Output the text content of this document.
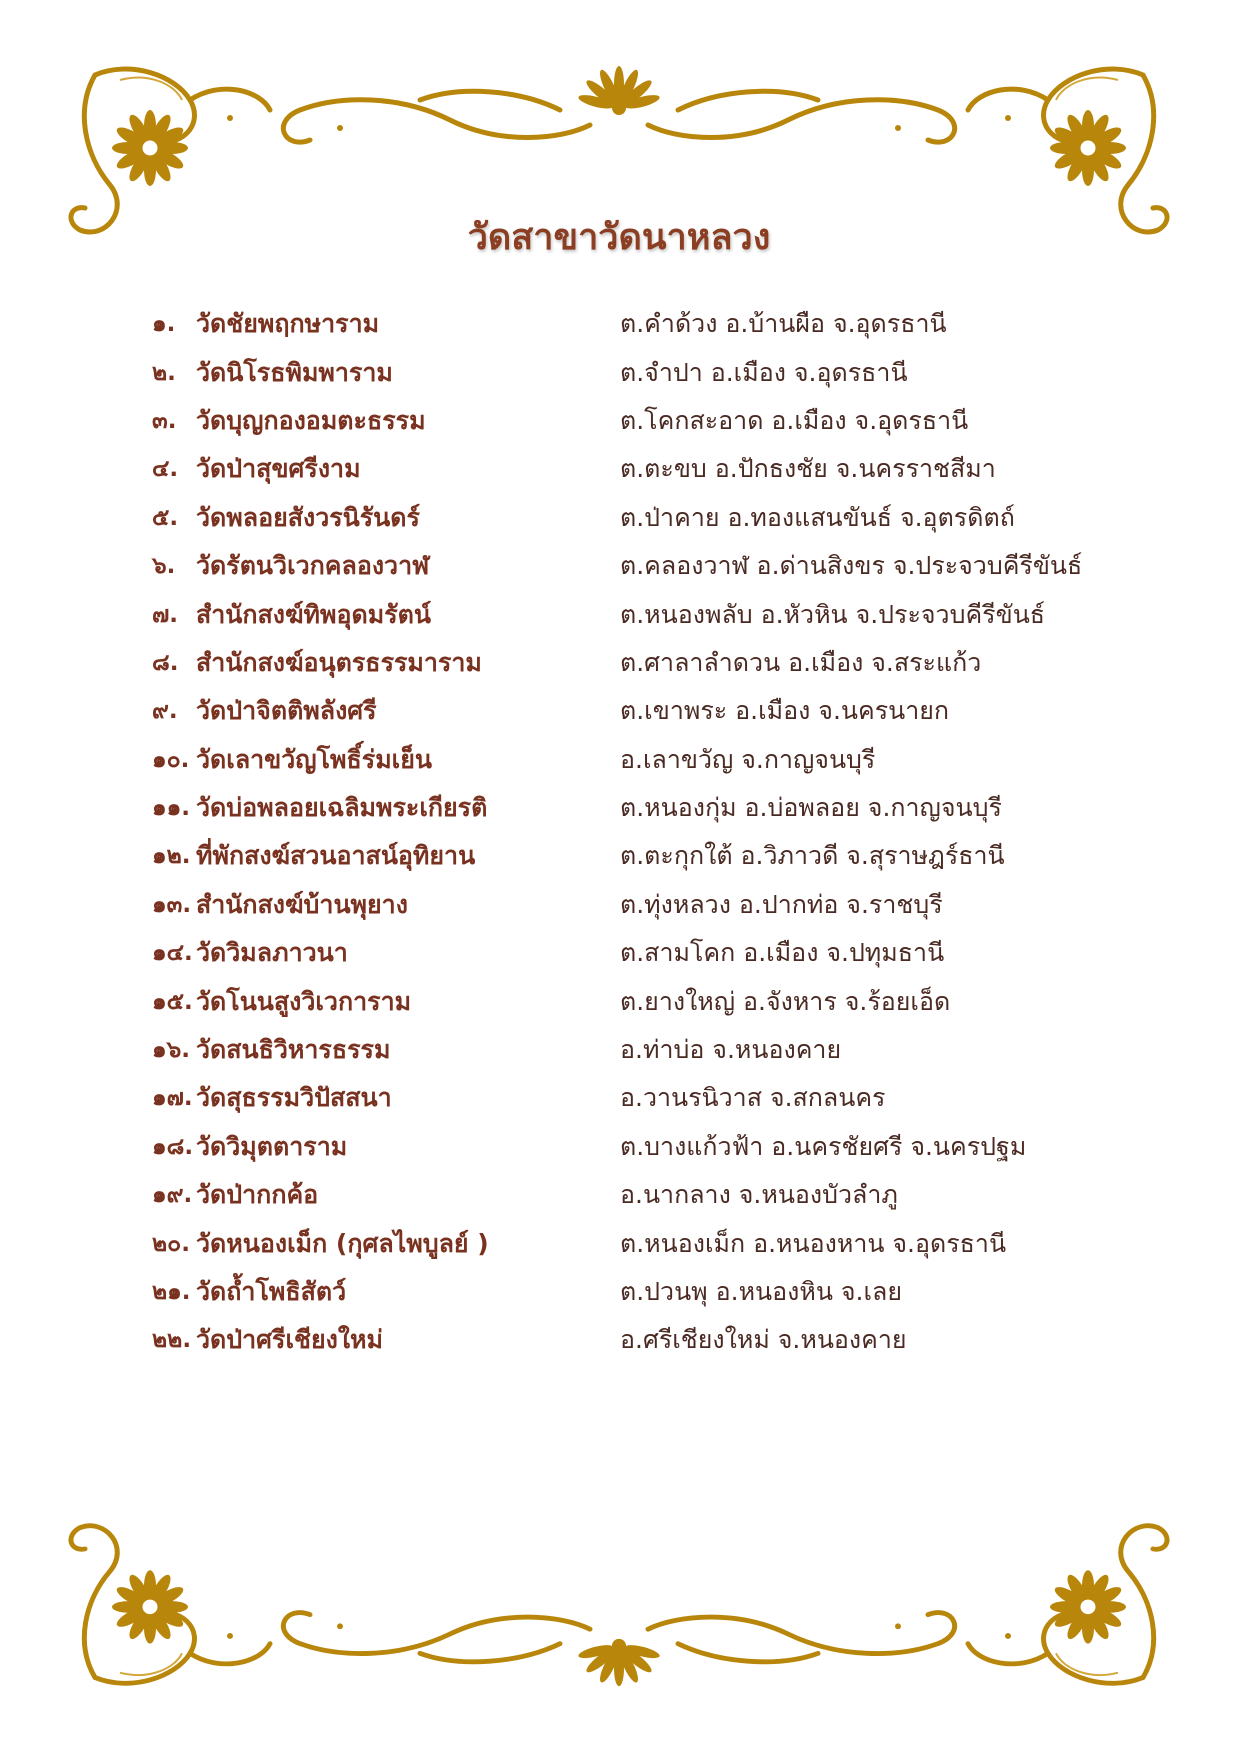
วัดสาขาวัดนาหลวง
๑. วัดชัยพฤกษาราม	ต.คำด้วง อ.บ้านผือ จ.อุดรธานี
๒. วัดนิโรธพิมพาราม	ต.จำปา อ.เมือง จ.อุดรธานี
๓. วัดบุญกองอมตะธรรม	ต.โคกสะอาด อ.เมือง จ.อุดรธานี
๔. วัดป่าสุขศรีงาม	ต.ตะขบ อ.ปักธงชัย จ.นครราชสีมา
๕. วัดพลอยสังวรนิรันดร์	ต.ป่าคาย อ.ทองแสนขันธ์ จ.อุตรดิตถ์
๖. วัดรัตนวิเวกคลองวาฬ	ต.คลองวาฬ อ.ด่านสิงขร จ.ประจวบคีรีขันธ์
๗. สำนักสงฆ์ทิพอุดมรัตน์	ต.หนองพลับ อ.หัวหิน จ.ประจวบคีรีขันธ์
๘. สำนักสงฆ์อนุตรธรรมาราม	ต.ศาลาลำดวน อ.เมือง จ.สระแก้ว
๙. วัดป่าจิตติพลังศรี	ต.เขาพระ อ.เมือง จ.นครนายก
๑๐. วัดเลาขวัญโพธิ์ร่มเย็น	อ.เลาขวัญ จ.กาญจนบุรี
๑๑. วัดบ่อพลอยเฉลิมพระเกียรติ	ต.หนองกุ่ม อ.บ่อพลอย จ.กาญจนบุรี
๑๒. ที่พักสงฆ์สวนอาสน์อุทิยาน	ต.ตะกุกใต้ อ.วิภาวดี จ.สุราษฎร์ธานี
๑๓. สำนักสงฆ์บ้านพุยาง	ต.ทุ่งหลวง อ.ปากท่อ จ.ราชบุรี
๑๔. วัดวิมลภาวนา	ต.สามโคก อ.เมือง จ.ปทุมธานี
๑๕. วัดโนนสูงวิเวการาม	ต.ยางใหญ่ อ.จังหาร จ.ร้อยเอ็ด
๑๖. วัดสนธิวิหารธรรม	อ.ท่าบ่อ จ.หนองคาย
๑๗. วัดสุธรรมวิปัสสนา	อ.วานรนิวาส จ.สกลนคร
๑๘. วัดวิมุตตาราม	ต.บางแก้วฟ้า อ.นครชัยศรี จ.นครปฐม
๑๙. วัดป่ากกค้อ	อ.นากลาง จ.หนองบัวลำภู
๒๐. วัดหนองเม็ก (กุศลไพบูลย์ )	ต.หนองเม็ก อ.หนองหาน จ.อุดรธานี
๒๑. วัดถ้ำโพธิสัตว์	ต.ปวนพุ อ.หนองหิน จ.เลย
๒๒. วัดป่าศรีเชียงใหม่	อ.ศรีเชียงใหม่ จ.หนองคาย
